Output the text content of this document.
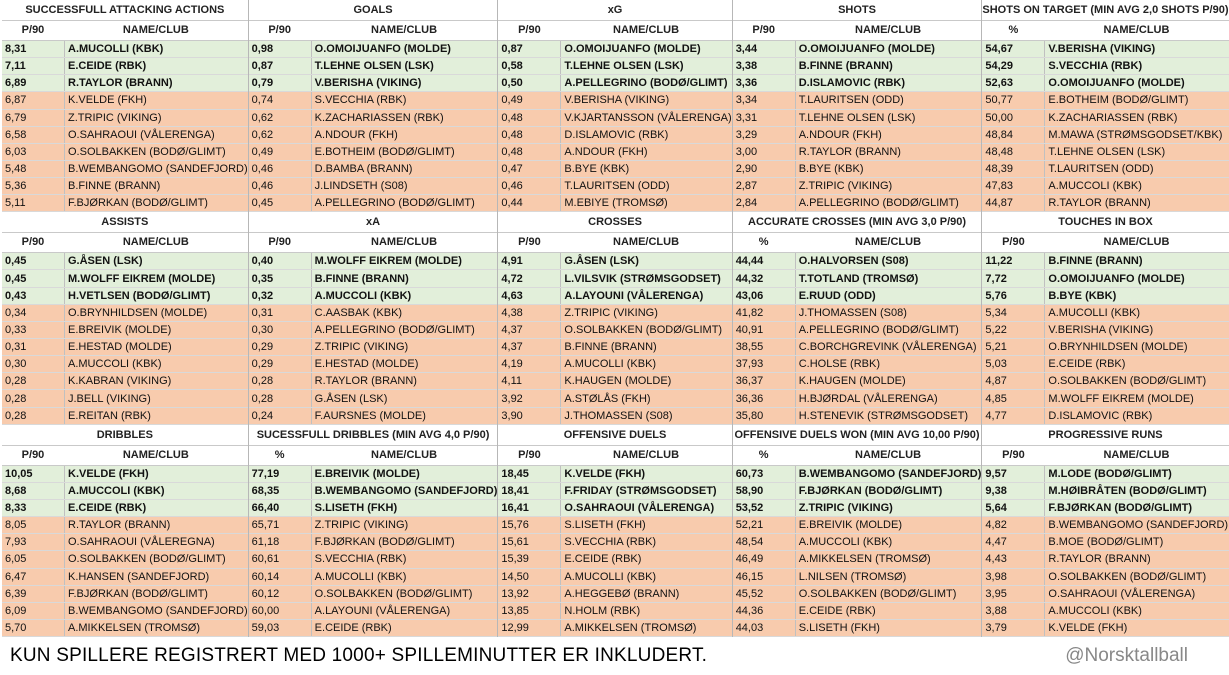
SUCCESSFULL ATTACKING ACTIONS
P/90	NAME/CLUB
8,31	A.MUCOLLI (KBK)
7,11	E.CEIDE (RBK)
6,89	R.TAYLOR (BRANN)
6,87	K.VELDE (FKH)
6,79	Z.TRIPIC (VIKING)
6,58	O.SAHRAOUI (VÅLERENGA)
6,03	O.SOLBAKKEN (BODØ/GLIMT)
5,48	B.WEMBANGOMO (SANDEFJORD)
5,36	B.FINNE (BRANN)
5,11	F.BJØRKAN (BODØ/GLIMT)
GOALS
P/90	NAME/CLUB
0,98	O.OMOIJUANFO (MOLDE)
0,87	T.LEHNE OLSEN (LSK)
0,79	V.BERISHA (VIKING)
0,74	S.VECCHIA (RBK)
0,62	K.ZACHARIASSEN (RBK)
0,62	A.NDOUR (FKH)
0,49	E.BOTHEIM (BODØ/GLIMT)
0,46	D.BAMBA (BRANN)
0,46	J.LINDSETH (S08)
0,45	A.PELLEGRINO (BODØ/GLIMT)
xG
P/90	NAME/CLUB
0,87	O.OMOIJUANFO (MOLDE)
0,58	T.LEHNE OLSEN (LSK)
0,50	A.PELLEGRINO (BODØ/GLIMT)
0,49	V.BERISHA (VIKING)
0,48	V.KJARTANSSON (VÅLERENGA)
0,48	D.ISLAMOVIC (RBK)
0,48	A.NDOUR (FKH)
0,47	B.BYE (KBK)
0,46	T.LAURITSEN (ODD)
0,44	M.EBIYE (TROMSØ)
SHOTS
P/90	NAME/CLUB
3,44	O.OMOIJUANFO (MOLDE)
3,38	B.FINNE (BRANN)
3,36	D.ISLAMOVIC (RBK)
3,34	T.LAURITSEN (ODD)
3,31	T.LEHNE OLSEN (LSK)
3,29	A.NDOUR (FKH)
3,00	R.TAYLOR (BRANN)
2,90	B.BYE (KBK)
2,87	Z.TRIPIC (VIKING)
2,84	A.PELLEGRINO (BODØ/GLIMT)
SHOTS ON TARGET (MIN AVG 2,0 SHOTS P/90)
%	NAME/CLUB
54,67	V.BERISHA (VIKING)
54,29	S.VECCHIA (RBK)
52,63	O.OMOIJUANFO (MOLDE)
50,77	E.BOTHEIM (BODØ/GLIMT)
50,00	K.ZACHARIASSEN (RBK)
48,84	M.MAWA (STRØMSGODSET/KBK)
48,48	T.LEHNE OLSEN (LSK)
48,39	T.LAURITSEN (ODD)
47,83	A.MUCCOLI (KBK)
44,87	R.TAYLOR (BRANN)
ASSISTS
P/90	NAME/CLUB
0,45	G.ÅSEN (LSK)
0,45	M.WOLFF EIKREM (MOLDE)
0,43	H.VETLSEN (BODØ/GLIMT)
0,34	O.BRYNHILDSEN (MOLDE)
0,33	E.BREIVIK (MOLDE)
0,31	E.HESTAD (MOLDE)
0,30	A.MUCCOLI (KBK)
0,28	K.KABRAN (VIKING)
0,28	J.BELL (VIKING)
0,28	E.REITAN (RBK)
xA
P/90	NAME/CLUB
0,40	M.WOLFF EIKREM (MOLDE)
0,35	B.FINNE (BRANN)
0,32	A.MUCCOLI (KBK)
0,31	C.AASBAK (KBK)
0,30	A.PELLEGRINO (BODØ/GLIMT)
0,29	Z.TRIPIC (VIKING)
0,29	E.HESTAD (MOLDE)
0,28	R.TAYLOR (BRANN)
0,28	G.ÅSEN (LSK)
0,24	F.AURSNES (MOLDE)
CROSSES
P/90	NAME/CLUB
4,91	G.ÅSEN (LSK)
4,72	L.VILSVIK (STRØMSGODSET)
4,63	A.LAYOUNI (VÅLERENGA)
4,38	Z.TRIPIC (VIKING)
4,37	O.SOLBAKKEN (BODØ/GLIMT)
4,37	B.FINNE (BRANN)
4,19	A.MUCOLLI (KBK)
4,11	K.HAUGEN (MOLDE)
3,92	A.STØLÅS (FKH)
3,90	J.THOMASSEN (S08)
ACCURATE CROSSES (MIN AVG 3,0 P/90)
%	NAME/CLUB
44,44	O.HALVORSEN (S08)
44,32	T.TOTLAND (TROMSØ)
43,06	E.RUUD (ODD)
41,82	J.THOMASSEN (S08)
40,91	A.PELLEGRINO (BODØ/GLIMT)
38,55	C.BORCHGREVINK (VÅLERENGA)
37,93	C.HOLSE (RBK)
36,37	K.HAUGEN (MOLDE)
36,36	H.BJØRDAL (VÅLERENGA)
35,80	H.STENEVIK (STRØMSGODSET)
TOUCHES IN BOX
P/90	NAME/CLUB
11,22	B.FINNE (BRANN)
7,72	O.OMOIJUANFO (MOLDE)
5,76	B.BYE (KBK)
5,34	A.MUCOLLI (KBK)
5,22	V.BERISHA (VIKING)
5,21	O.BRYNHILDSEN (MOLDE)
5,03	E.CEIDE (RBK)
4,87	O.SOLBAKKEN (BODØ/GLIMT)
4,85	M.WOLFF EIKREM (MOLDE)
4,77	D.ISLAMOVIC (RBK)
DRIBBLES
P/90	NAME/CLUB
10,05	K.VELDE (FKH)
8,68	A.MUCCOLI (KBK)
8,33	E.CEIDE (RBK)
8,05	R.TAYLOR (BRANN)
7,93	O.SAHRAOUI (VÅLEREGNA)
6,05	O.SOLBAKKEN (BODØ/GLIMT)
6,47	K.HANSEN (SANDEFJORD)
6,39	F.BJØRKAN (BODØ/GLIMT)
6,09	B.WEMBANGOMO (SANDEFJORD)
5,70	A.MIKKELSEN (TROMSØ)
SUCESSFULL DRIBBLES (MIN AVG 4,0 P/90)
%	NAME/CLUB
77,19	E.BREIVIK (MOLDE)
68,35	B.WEMBANGOMO (SANDEFJORD)
66,40	S.LISETH (FKH)
65,71	Z.TRIPIC (VIKING)
61,18	F.BJØRKAN (BODØ/GLIMT)
60,61	S.VECCHIA (RBK)
60,14	A.MUCOLLI (KBK)
60,12	O.SOLBAKKEN (BODØ/GLIMT)
60,00	A.LAYOUNI (VÅLERENGA)
59,03	E.CEIDE (RBK)
OFFENSIVE DUELS
P/90	NAME/CLUB
18,45	K.VELDE (FKH)
18,41	F.FRIDAY (STRØMSGODSET)
16,41	O.SAHRAOUI (VÅLERENGA)
15,76	S.LISETH (FKH)
15,61	S.VECCHIA (RBK)
15,39	E.CEIDE (RBK)
14,50	A.MUCOLLI (KBK)
13,92	A.HEGGEBØ (BRANN)
13,85	N.HOLM (RBK)
12,99	A.MIKKELSEN (TROMSØ)
OFFENSIVE DUELS WON (MIN AVG 10,00 P/90)
%	NAME/CLUB
60,73	B.WEMBANGOMO (SANDEFJORD)
58,90	F.BJØRKAN (BODØ/GLIMT)
53,52	Z.TRIPIC (VIKING)
52,21	E.BREIVIK (MOLDE)
48,54	A.MUCCOLI (KBK)
46,49	A.MIKKELSEN (TROMSØ)
46,15	L.NILSEN (TROMSØ)
45,52	O.SOLBAKKEN (BODØ/GLIMT)
44,36	E.CEIDE (RBK)
44,03	S.LISETH (FKH)
PROGRESSIVE RUNS
P/90	NAME/CLUB
9,57	M.LODE (BODØ/GLIMT)
9,38	M.HØIBRÅTEN (BODØ/GLIMT)
5,64	F.BJØRKAN (BODØ/GLIMT)
4,82	B.WEMBANGOMO (SANDEFJORD)
4,47	B.MOE (BODØ/GLIMT)
4,43	R.TAYLOR (BRANN)
3,98	O.SOLBAKKEN (BODØ/GLIMT)
3,95	O.SAHRAOUI (VÅLERENGA)
3,88	A.MUCCOLI (KBK)
3,79	K.VELDE (FKH)
KUN SPILLERE REGISTRERT MED 1000+ SPILLEMINUTTER ER INKLUDERT.	@Norsktallball
